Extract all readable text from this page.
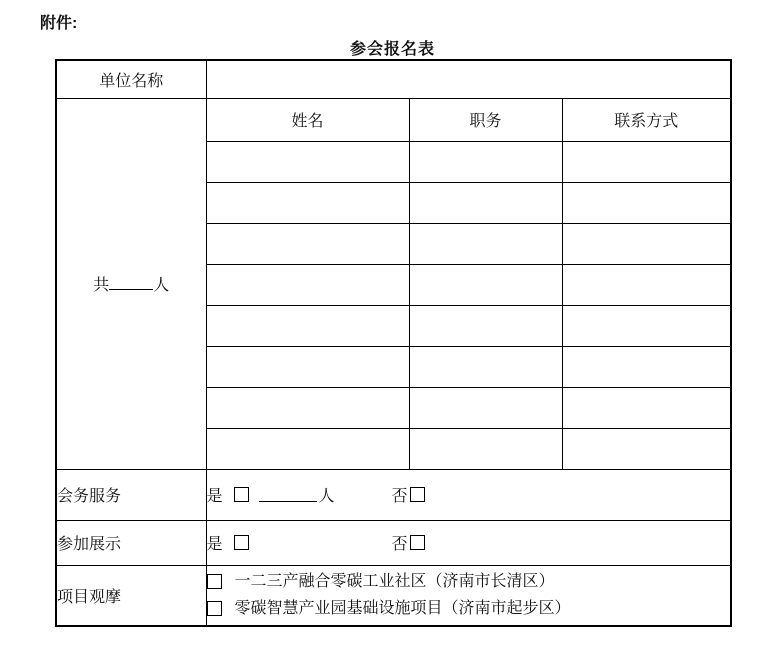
附件:
参会报名表
单位名称			

共 人	姓名	职务	联系方式

会务服务	是 人 否		

参加展示	是 否		

项目观摩	一二三产融合零碳工业社区（济南市长清区）
零碳智慧产业园基础设施项目（济南市起步区）		
